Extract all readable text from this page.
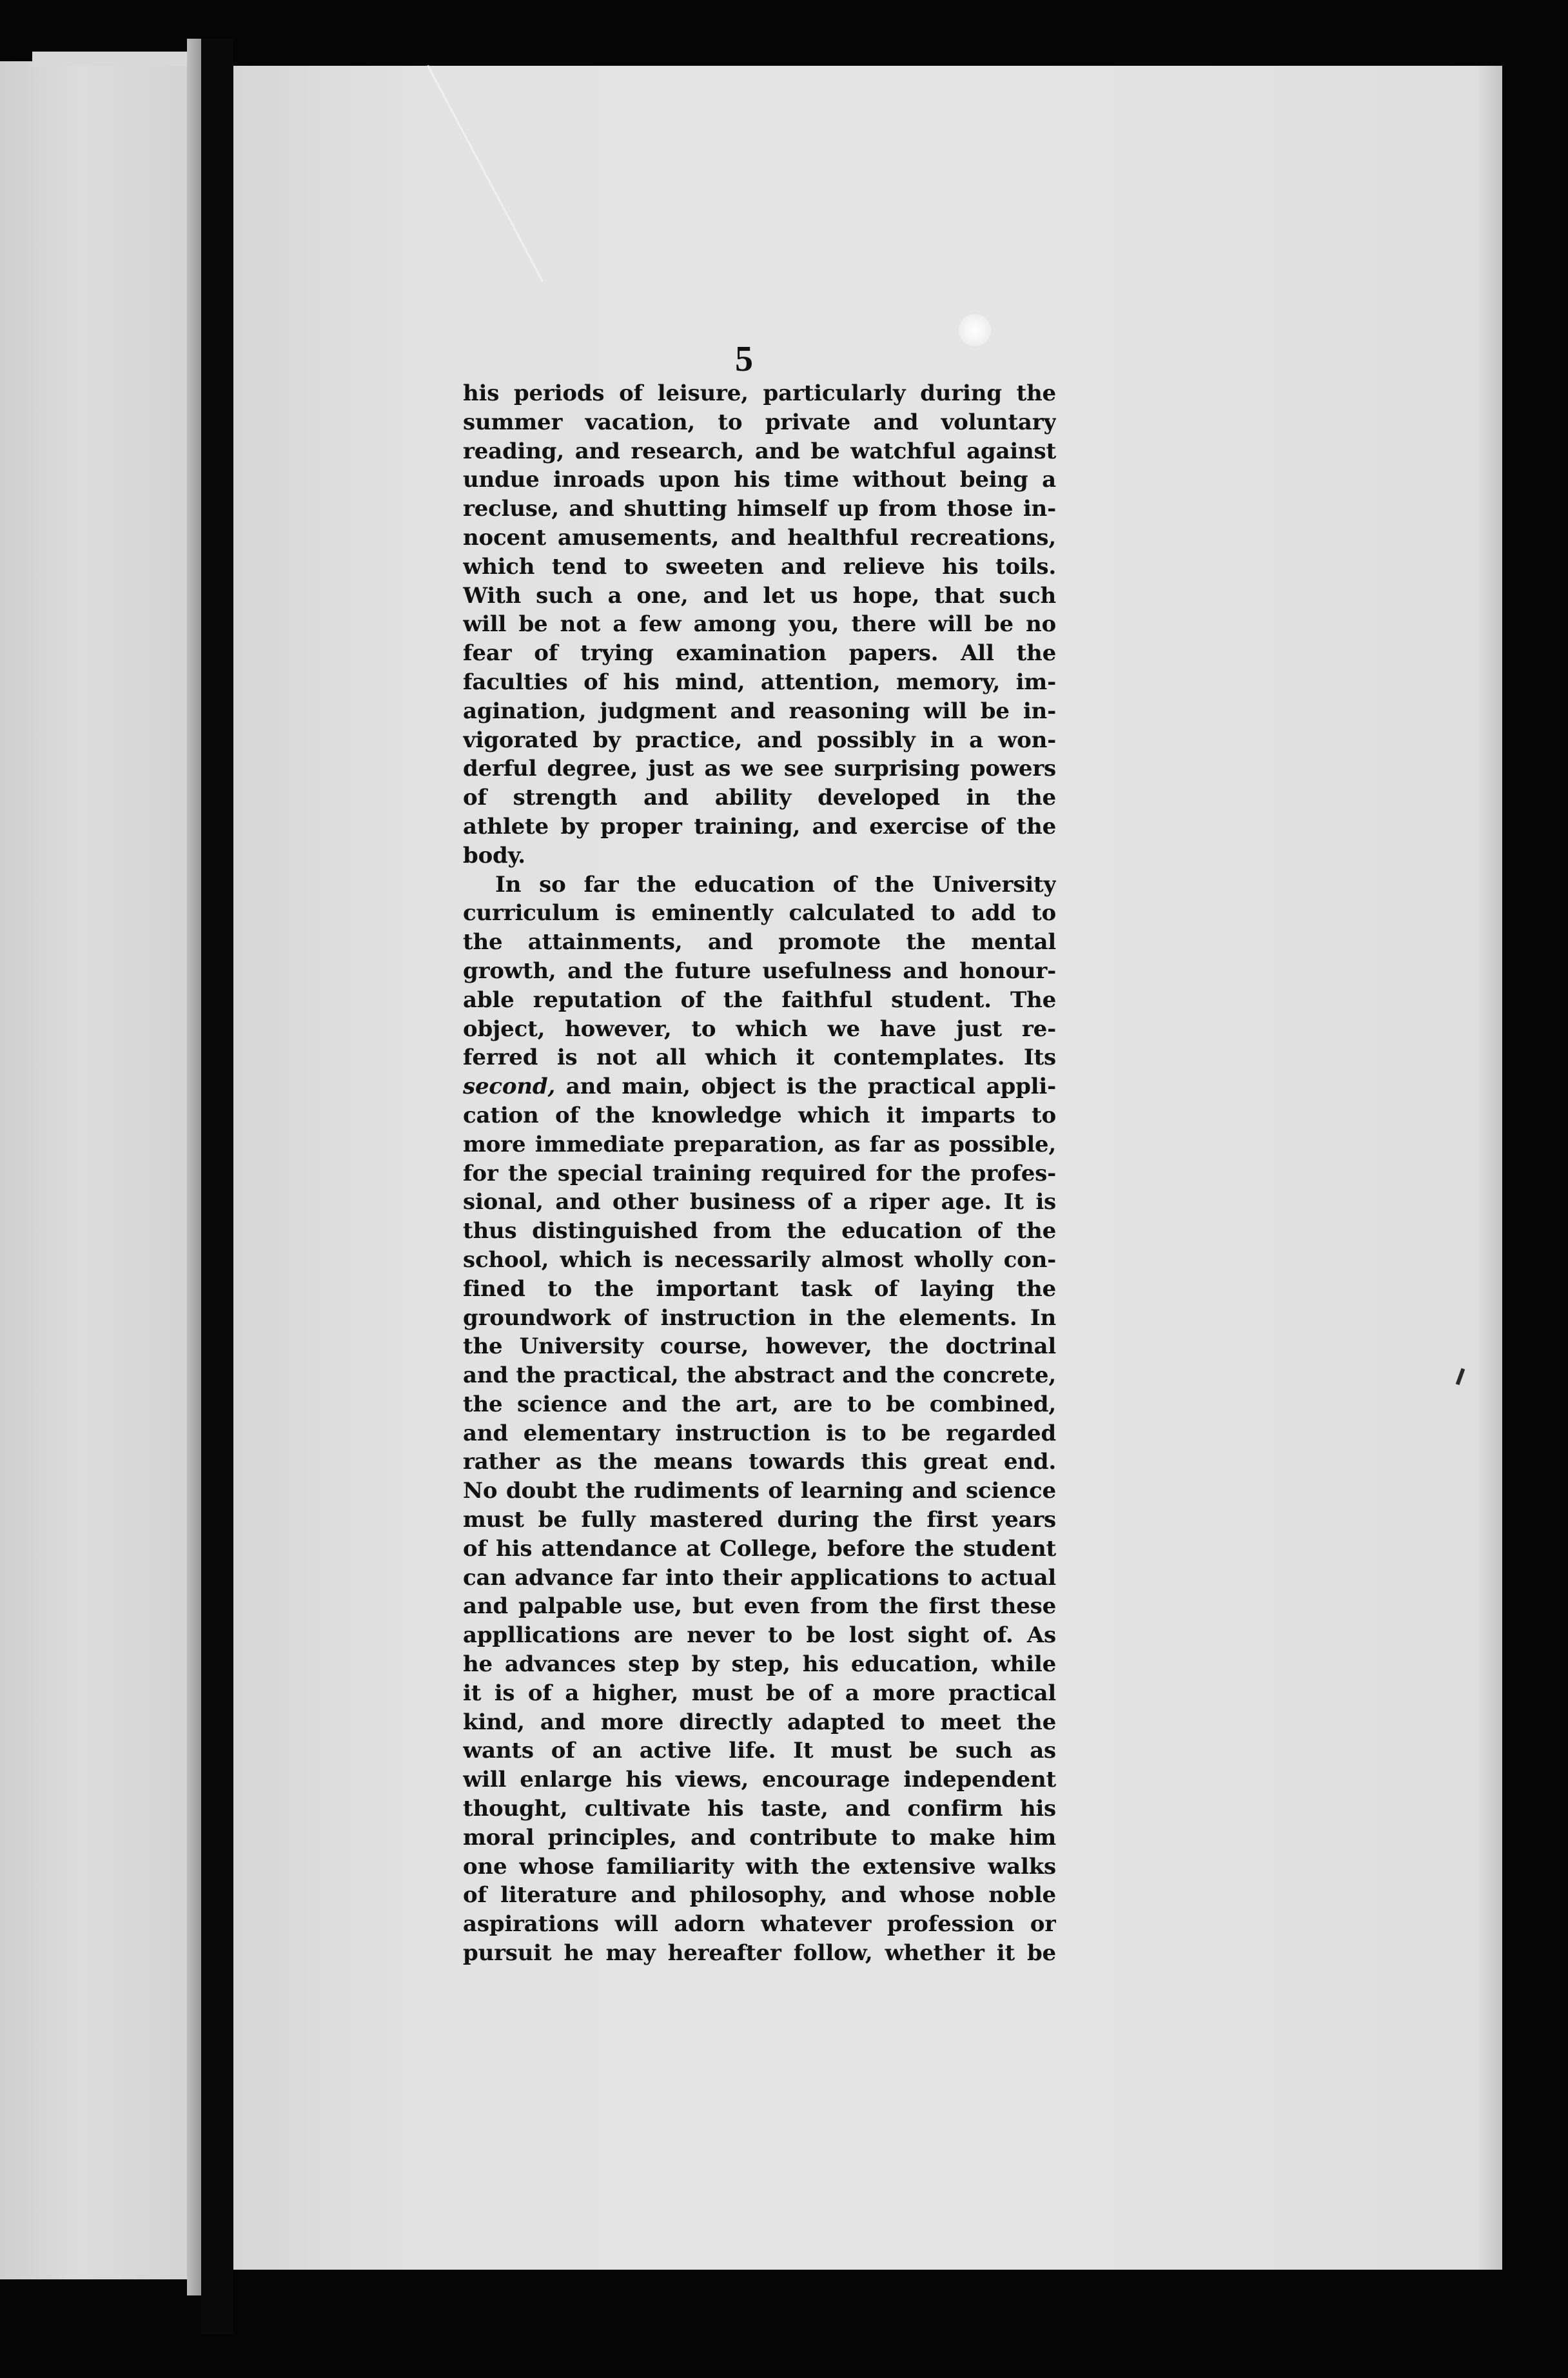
5
his periods of leisure, particularly during the
summer vacation, to private and voluntary
reading, and research, and be watchful against
undue inroads upon his time without being a
recluse, and shutting himself up from those in-
nocent amusements, and healthful recreations,
which tend to sweeten and relieve his toils.
With such a one, and let us hope, that such
will be not a few among you, there will be no
fear of trying examination papers. All the
faculties of his mind, attention, memory, im-
agination, judgment and reasoning will be in-
vigorated by practice, and possibly in a won-
derful degree, just as we see surprising powers
of strength and ability developed in the
athlete by proper training, and exercise of the
body.
In so far the education of the University
curriculum is eminently calculated to add to
the attainments, and promote the mental
growth, and the future usefulness and honour-
able reputation of the faithful student. The
object, however, to which we have just re-
ferred is not all which it contemplates. Its
second, and main, object is the practical appli-
cation of the knowledge which it imparts to
more immediate preparation, as far as possible,
for the special training required for the profes-
sional, and other business of a riper age. It is
thus distinguished from the education of the
school, which is necessarily almost wholly con-
fined to the important task of laying the
groundwork of instruction in the elements. In
the University course, however, the doctrinal
and the practical, the abstract and the concrete,
the science and the art, are to be combined,
and elementary instruction is to be regarded
rather as the means towards this great end.
No doubt the rudiments of learning and science
must be fully mastered during the first years
of his attendance at College, before the student
can advance far into their applications to actual
and palpable use, but even from the first these
appllications are never to be lost sight of. As
he advances step by step, his education, while
it is of a higher, must be of a more practical
kind, and more directly adapted to meet the
wants of an active life. It must be such as
will enlarge his views, encourage independent
thought, cultivate his taste, and confirm his
moral principles, and contribute to make him
one whose familiarity with the extensive walks
of literature and philosophy, and whose noble
aspirations will adorn whatever profession or
pursuit he may hereafter follow, whether it be
